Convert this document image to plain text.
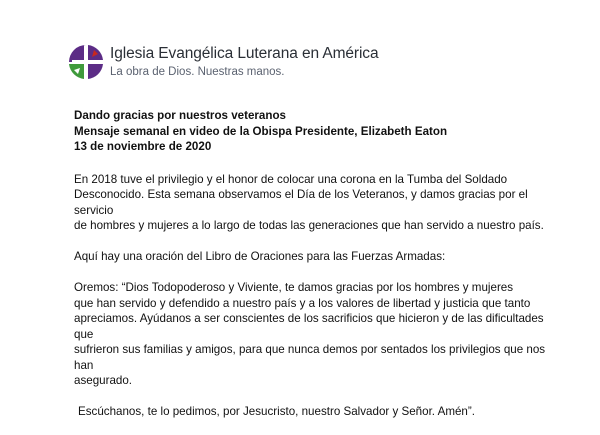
Iglesia Evangélica Luterana en América
La obra de Dios. Nuestras manos.
Dando gracias por nuestros veteranos
Mensaje semanal en video de la Obispa Presidente, Elizabeth Eaton
13 de noviembre de 2020

En 2018 tuve el privilegio y el honor de colocar una corona en la Tumba del Soldado
Desconocido. Esta semana observamos el Día de los Veteranos, y damos gracias por el servicio
de hombres y mujeres a lo largo de todas las generaciones que han servido a nuestro país.

Aquí hay una oración del Libro de Oraciones para las Fuerzas Armadas:

Oremos: “Dios Todopoderoso y Viviente, te damos gracias por los hombres y mujeres
que han servido y defendido a nuestro país y a los valores de libertad y justicia que tanto
apreciamos. Ayúdanos a ser conscientes de los sacrificios que hicieron y de las dificultades que
sufrieron sus familias y amigos, para que nunca demos por sentados los privilegios que nos han
asegurado.

Escúchanos, te lo pedimos, por Jesucristo, nuestro Salvador y Señor. Amén”.
